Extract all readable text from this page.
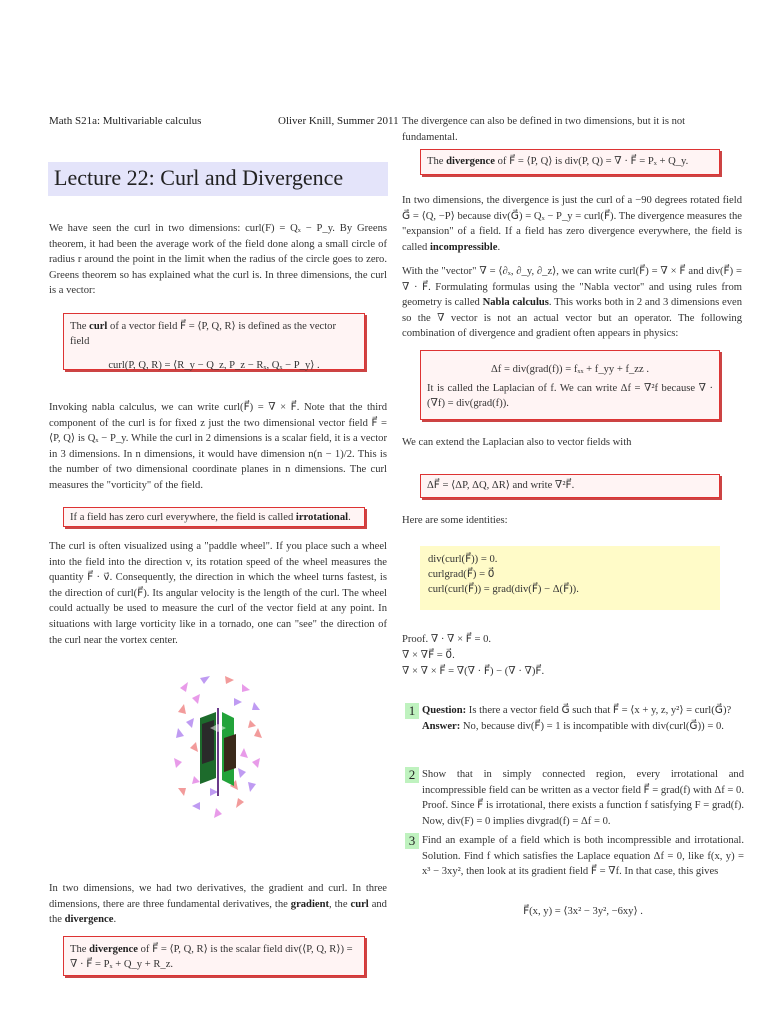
Math S21a: Multivariable calculus	Oliver Knill, Summer 2011
Lecture 22: Curl and Divergence
We have seen the curl in two dimensions: curl(F) = Qₓ − P_y. By Greens theorem, it had been the average work of the field done along a small circle of radius r around the point in the limit when the radius of the circle goes to zero. Greens theorem so has explained what the curl is. In three dimensions, the curl is a vector:
The curl of a vector field F⃗ = ⟨P, Q, R⟩ is defined as the vector field
curl(P, Q, R) = ⟨R_y − Q_z, P_z − Rₓ, Qₓ − P_y⟩ .
Invoking nabla calculus, we can write curl(F⃗) = ∇ × F⃗. Note that the third component of the curl is for fixed z just the two dimensional vector field F⃗ = ⟨P, Q⟩ is Qₓ − P_y. While the curl in 2 dimensions is a scalar field, it is a vector in 3 dimensions. In n dimensions, it would have dimension n(n − 1)/2. This is the number of two dimensional coordinate planes in n dimensions. The curl measures the "vorticity" of the field.
If a field has zero curl everywhere, the field is called irrotational.
The curl is often visualized using a "paddle wheel". If you place such a wheel into the field into the direction v, its rotation speed of the wheel measures the quantity F⃗ · v⃗. Consequently, the direction in which the wheel turns fastest, is the direction of curl(F⃗). Its angular velocity is the length of the curl. The wheel could actually be used to measure the curl of the vector field at any point. In situations with large vorticity like in a tornado, one can "see" the direction of the curl near the vortex center.
In two dimensions, we had two derivatives, the gradient and curl. In three dimensions, there are three fundamental derivatives, the gradient, the curl and the divergence.
The divergence of F⃗ = ⟨P, Q, R⟩ is the scalar field div(⟨P, Q, R⟩) = ∇ · F⃗ = Pₓ + Q_y + R_z.
The divergence can also be defined in two dimensions, but it is not fundamental.
The divergence of F⃗ = ⟨P, Q⟩ is div(P, Q) = ∇ · F⃗ = Pₓ + Q_y.
In two dimensions, the divergence is just the curl of a −90 degrees rotated field G⃗ = ⟨Q, −P⟩ because div(G⃗) = Qₓ − P_y = curl(F⃗). The divergence measures the "expansion" of a field. If a field has zero divergence everywhere, the field is called incompressible.
With the "vector" ∇ = ⟨∂ₓ, ∂_y, ∂_z⟩, we can write curl(F⃗) = ∇ × F⃗ and div(F⃗) = ∇ · F⃗. Formulating formulas using the "Nabla vector" and using rules from geometry is called Nabla calculus. This works both in 2 and 3 dimensions even so the ∇ vector is not an actual vector but an operator. The following combination of divergence and gradient often appears in physics:
Δf = div(grad(f)) = fₓₓ + f_yy + f_zz .
It is called the Laplacian of f. We can write Δf = ∇²f because ∇ · (∇f) = div(grad(f)).
We can extend the Laplacian also to vector fields with
ΔF⃗ = ⟨ΔP, ΔQ, ΔR⟩ and write ∇²F⃗.
Here are some identities:
div(curl(F⃗)) = 0.
curlgrad(F⃗) = 0⃗
curl(curl(F⃗)) = grad(div(F⃗) − Δ(F⃗)).
Proof. ∇ · ∇ × F⃗ = 0.
∇ × ∇F⃗ = 0⃗.
∇ × ∇ × F⃗ = ∇(∇ · F⃗) − (∇ · ∇)F⃗.
1 Question: Is there a vector field G⃗ such that F⃗ = ⟨x + y, z, y²⟩ = curl(G⃗)?
Answer: No, because div(F⃗) = 1 is incompatible with div(curl(G⃗)) = 0.
2 Show that in simply connected region, every irrotational and incompressible field can be written as a vector field F⃗ = grad(f) with Δf = 0. Proof. Since F⃗ is irrotational, there exists a function f satisfying F = grad(f). Now, div(F) = 0 implies divgrad(f) = Δf = 0.
3 Find an example of a field which is both incompressible and irrotational. Solution. Find f which satisfies the Laplace equation Δf = 0, like f(x, y) = x³ − 3xy², then look at its gradient field F⃗ = ∇f. In that case, this gives
F⃗(x, y) = ⟨3x² − 3y², −6xy⟩ .
